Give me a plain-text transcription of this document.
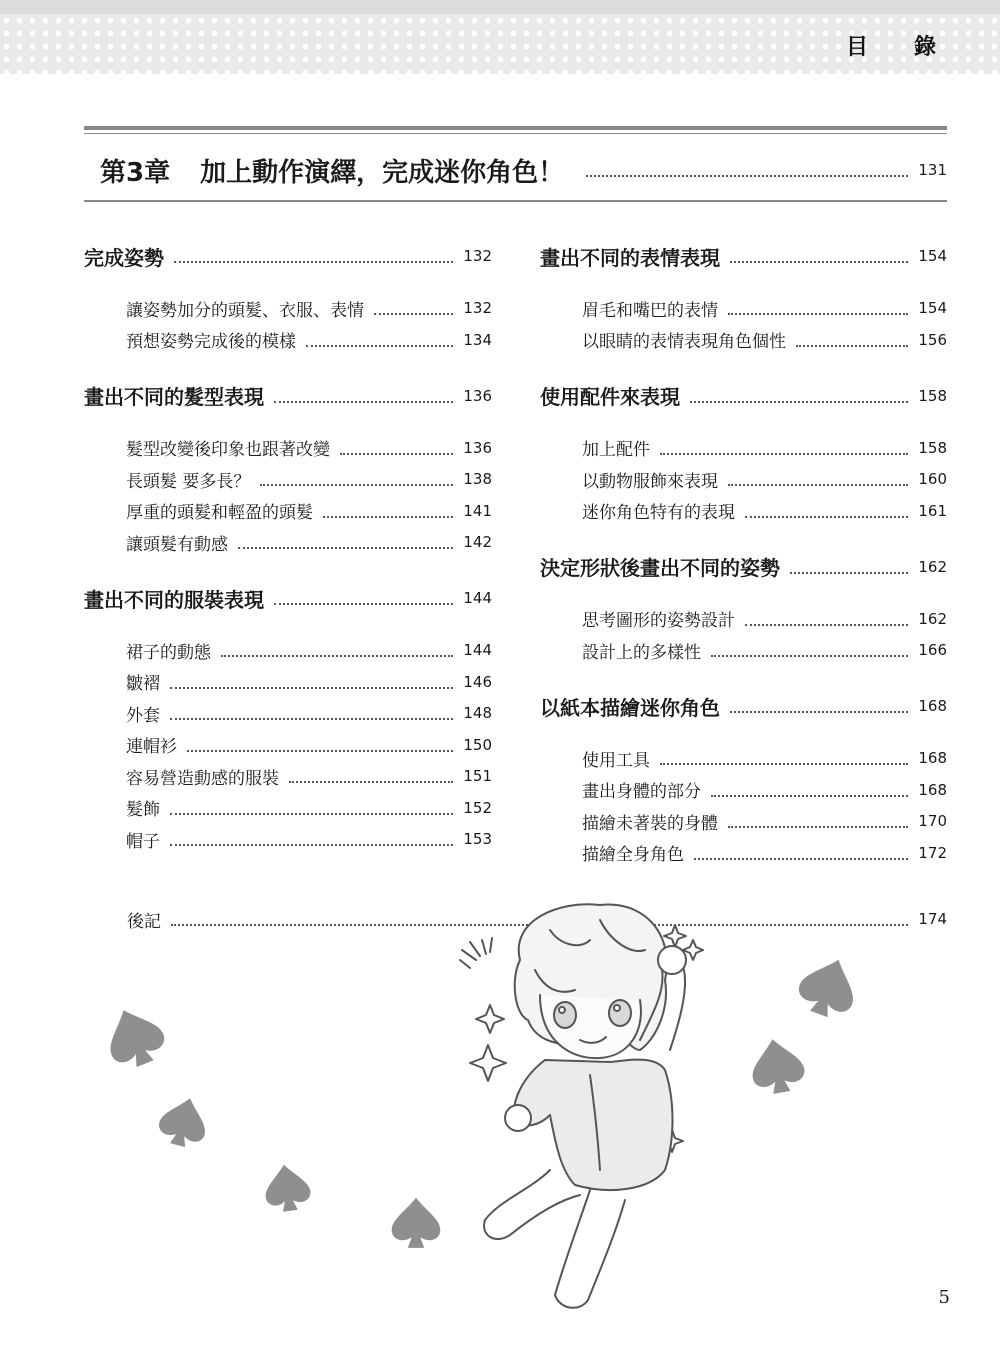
目　錄
第3章 加上動作演繹，完成迷你角色！	131
完成姿勢	132
讓姿勢加分的頭髮、衣服、表情	132
預想姿勢完成後的模樣	134
畫出不同的髮型表現	136
髮型改變後印象也跟著改變	136
長頭髮 要多長？	138
厚重的頭髮和輕盈的頭髮	141
讓頭髮有動感	142
畫出不同的服裝表現	144
裙子的動態	144
皺褶	146
外套	148
連帽衫	150
容易營造動感的服裝	151
髮飾	152
帽子	153
畫出不同的表情表現	154
眉毛和嘴巴的表情	154
以眼睛的表情表現角色個性	156
使用配件來表現	158
加上配件	158
以動物服飾來表現	160
迷你角色特有的表現	161
決定形狀後畫出不同的姿勢	162
思考圖形的姿勢設計	162
設計上的多樣性	166
以紙本描繪迷你角色	168
使用工具	168
畫出身體的部分	168
描繪未著裝的身體	170
描繪全身角色	172
後記	174
5
